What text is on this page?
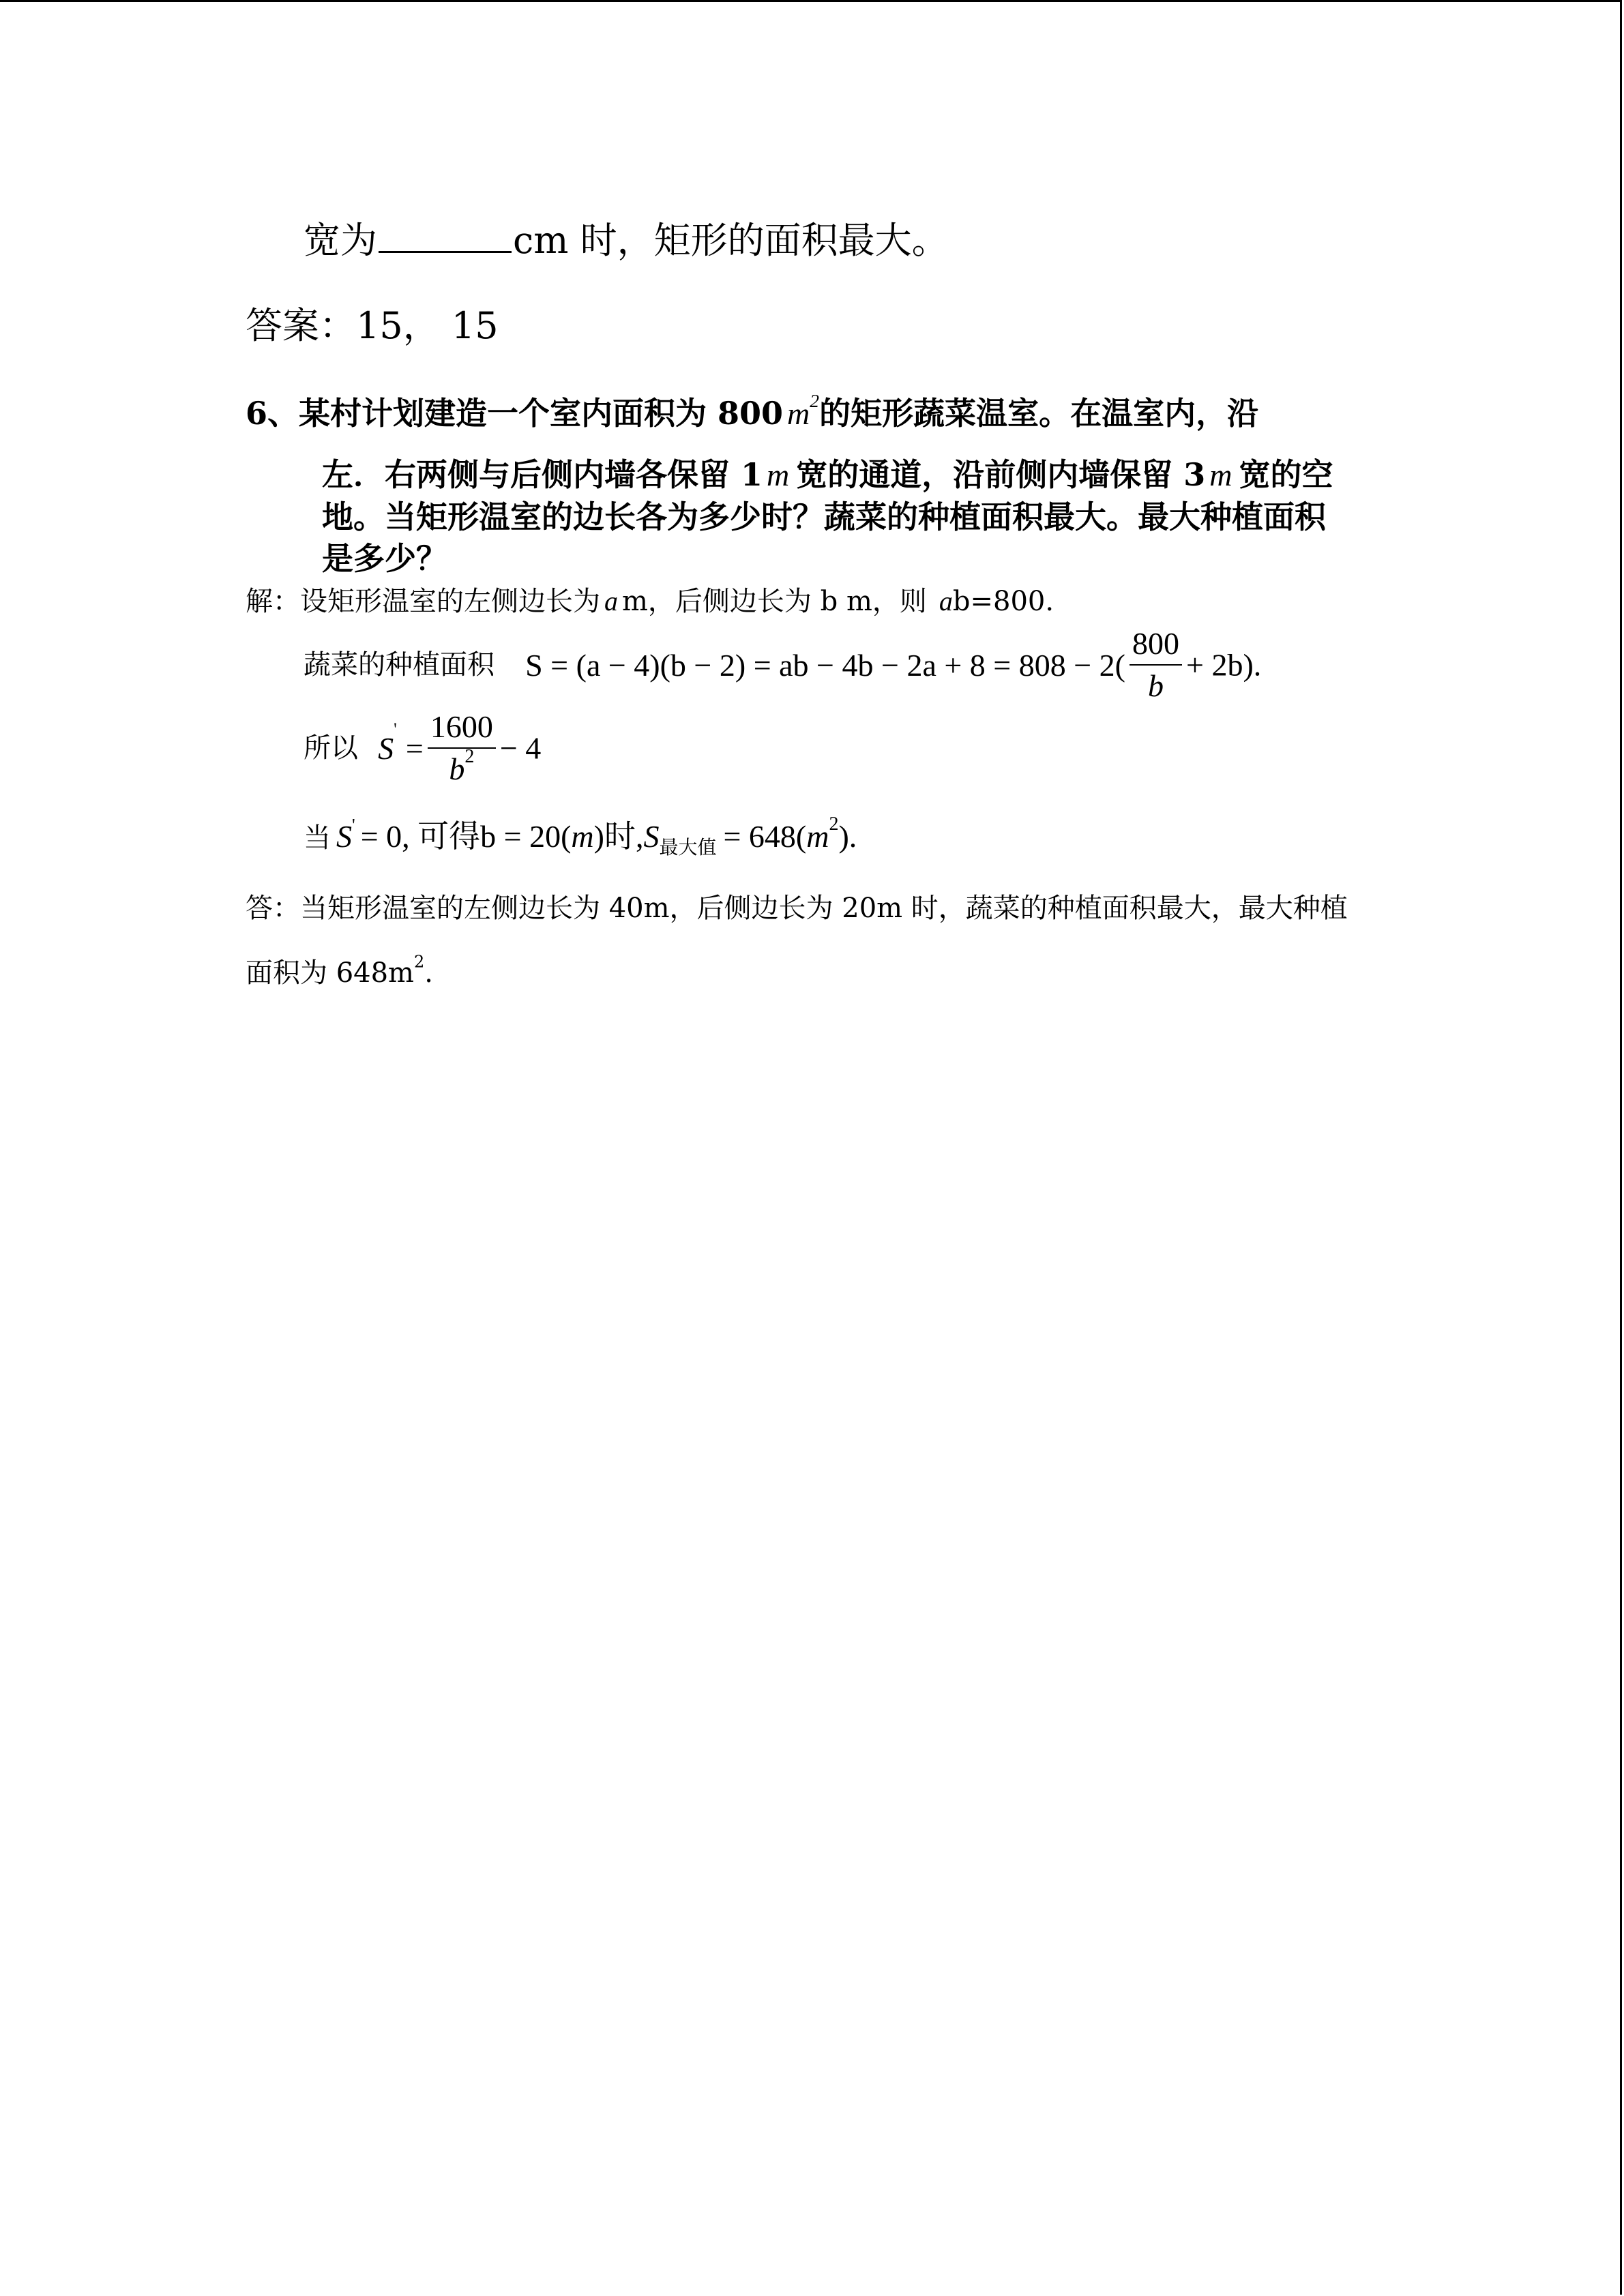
宽为	cm 时，矩形的面积最大。
答案：15， 15
6、某村计划建造一个室内面积为 800 $m^2$的矩形蔬菜温室。在温室内，沿
左．右两侧与后侧内墙各保留 1 m 宽的通道，沿前侧内墙保留 3 m 宽的空
地。当矩形温室的边长各为多少时？蔬菜的种植面积最大。最大种植面积
是多少？
解：设矩形温室的左侧边长为 a m，后侧边长为 b m，则 ab=800.
蔬菜的种植面积 S = (a − 4)(b − 2) = ab − $4b - 2a + 8 = 808 - 2( \frac{800}{b} + 2b)$.
所以 $S' = \frac{1600}{b^2} - 4$
当 S' = 0, 可得b = 20(m)时$,S_{最大值} = 648(m^2)$.
答：当矩形温室的左侧边长为 40m，后侧边长为 20m 时，蔬菜的种植面积最大，最大种植
面积为 $648m^2$.
